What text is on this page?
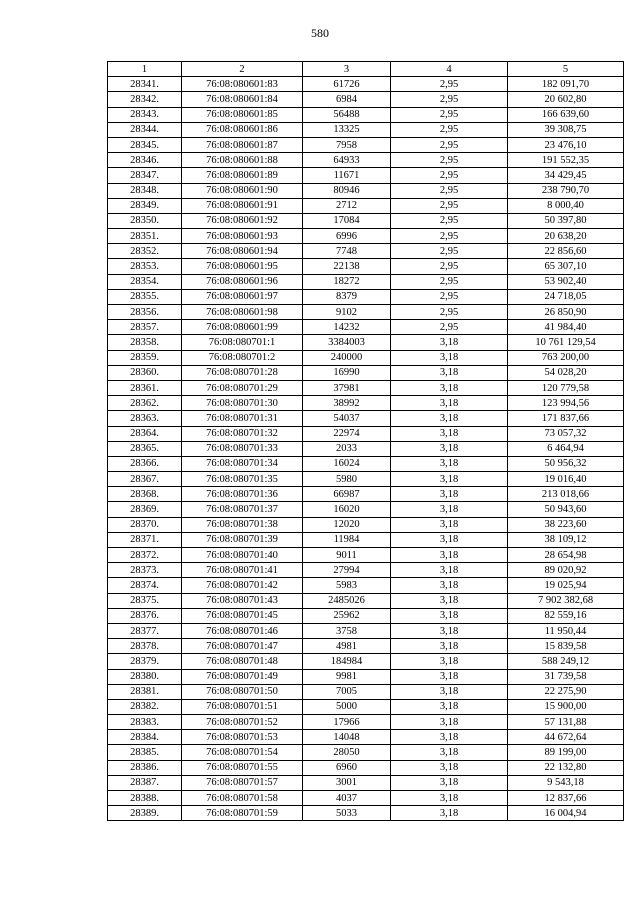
580
1	2	3	4	5
28341.	76:08:080601:83	61726	2,95	182 091,70
28342.	76:08:080601:84	6984	2,95	20 602,80
28343.	76:08:080601:85	56488	2,95	166 639,60
28344.	76:08:080601:86	13325	2,95	39 308,75
28345.	76:08:080601:87	7958	2,95	23 476,10
28346.	76:08:080601:88	64933	2,95	191 552,35
28347.	76:08:080601:89	11671	2,95	34 429,45
28348.	76:08:080601:90	80946	2,95	238 790,70
28349.	76:08:080601:91	2712	2,95	8 000,40
28350.	76:08:080601:92	17084	2,95	50 397,80
28351.	76:08:080601:93	6996	2,95	20 638,20
28352.	76:08:080601:94	7748	2,95	22 856,60
28353.	76:08:080601:95	22138	2,95	65 307,10
28354.	76:08:080601:96	18272	2,95	53 902,40
28355.	76:08:080601:97	8379	2,95	24 718,05
28356.	76:08:080601:98	9102	2,95	26 850,90
28357.	76:08:080601:99	14232	2,95	41 984,40
28358.	76:08:080701:1	3384003	3,18	10 761 129,54
28359.	76:08:080701:2	240000	3,18	763 200,00
28360.	76:08:080701:28	16990	3,18	54 028,20
28361.	76:08:080701:29	37981	3,18	120 779,58
28362.	76:08:080701:30	38992	3,18	123 994,56
28363.	76:08:080701:31	54037	3,18	171 837,66
28364.	76:08:080701:32	22974	3,18	73 057,32
28365.	76:08:080701:33	2033	3,18	6 464,94
28366.	76:08:080701:34	16024	3,18	50 956,32
28367.	76:08:080701:35	5980	3,18	19 016,40
28368.	76:08:080701:36	66987	3,18	213 018,66
28369.	76:08:080701:37	16020	3,18	50 943,60
28370.	76:08:080701:38	12020	3,18	38 223,60
28371.	76:08:080701:39	11984	3,18	38 109,12
28372.	76:08:080701:40	9011	3,18	28 654,98
28373.	76:08:080701:41	27994	3,18	89 020,92
28374.	76:08:080701:42	5983	3,18	19 025,94
28375.	76:08:080701:43	2485026	3,18	7 902 382,68
28376.	76:08:080701:45	25962	3,18	82 559,16
28377.	76:08:080701:46	3758	3,18	11 950,44
28378.	76:08:080701:47	4981	3,18	15 839,58
28379.	76:08:080701:48	184984	3,18	588 249,12
28380.	76:08:080701:49	9981	3,18	31 739,58
28381.	76:08:080701:50	7005	3,18	22 275,90
28382.	76:08:080701:51	5000	3,18	15 900,00
28383.	76:08:080701:52	17966	3,18	57 131,88
28384.	76:08:080701:53	14048	3,18	44 672,64
28385.	76:08:080701:54	28050	3,18	89 199,00
28386.	76:08:080701:55	6960	3,18	22 132,80
28387.	76:08:080701:57	3001	3,18	9 543,18
28388.	76:08:080701:58	4037	3,18	12 837,66
28389.	76:08:080701:59	5033	3,18	16 004,94
